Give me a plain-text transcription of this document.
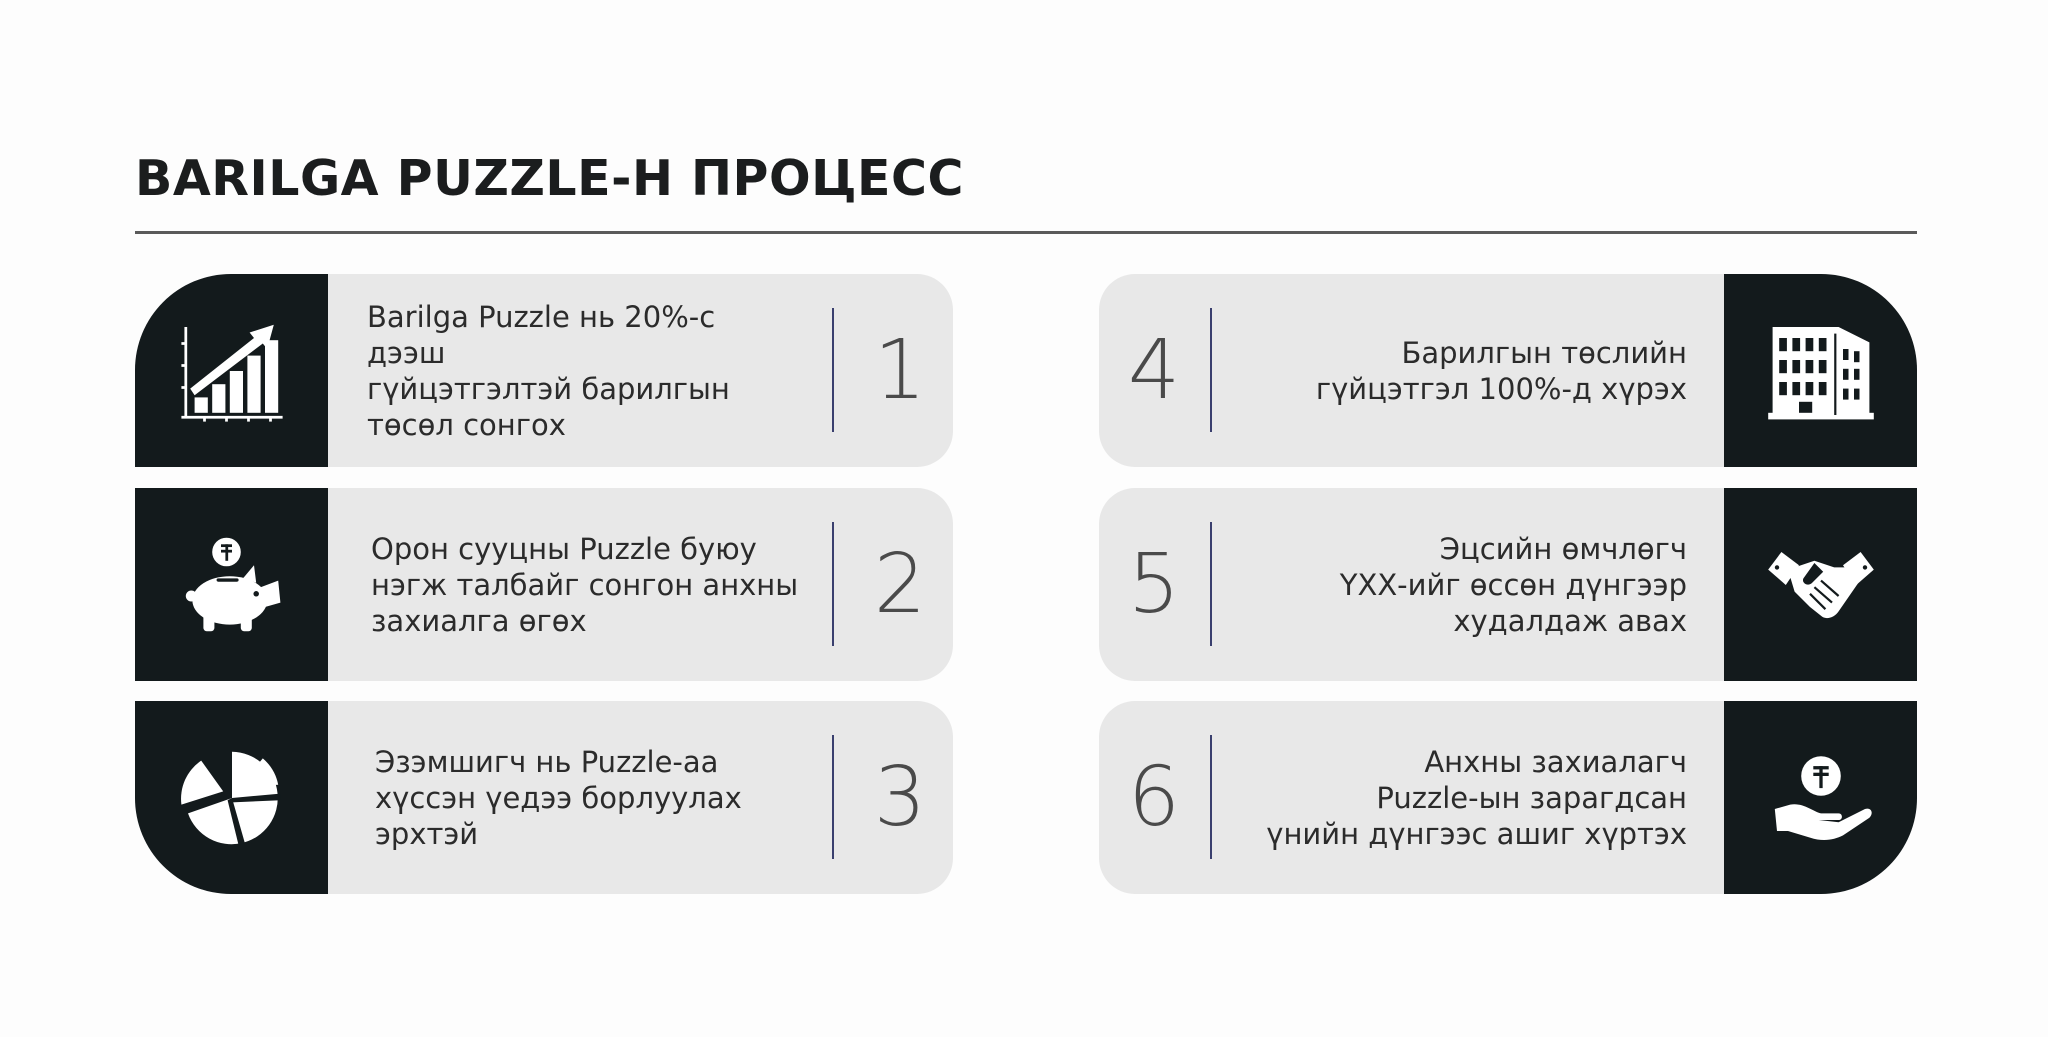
BARILGA PUZZLE-Н ПРОЦЕСС
Barilga Puzzle нь 20%-с дээш
гүйцэтгэлтэй барилгын
төсөл сонгох
1
Орон сууцны Puzzle буюу
нэгж талбайг сонгон анхны
захиалга өгөх	2
Эзэмшигч нь Puzzle-аа
хүссэн үедээ борлуулах
эрхтэй	3
4	Барилгын төслийн
гүйцэтгэл 100%-д хүрэх
5	Эцсийн өмчлөгч
ҮХХ-ийг өссөн дүнгээр
худалдаж авах
6	Анхны захиалагч
Puzzle-ын зарагдсан
үнийн дүнгээс ашиг хүртэх
